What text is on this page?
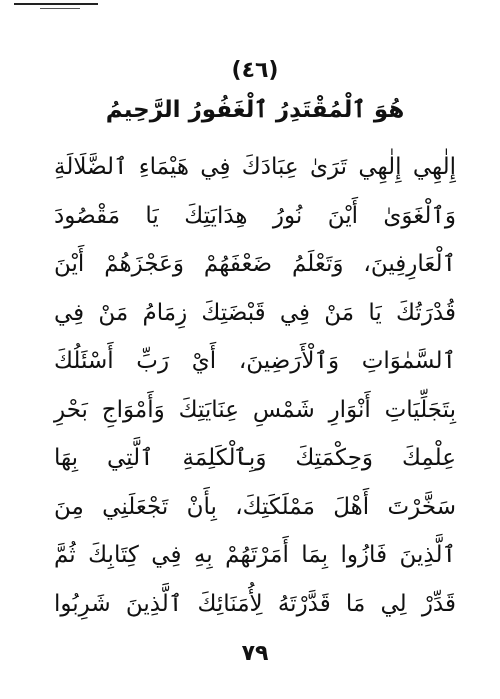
(٤٦)
هُوَ ٱلْمُقْتَدِرُ ٱلْغَفُورُ الرَّحِيمُ
إِلٰهِي إِلٰهِي تَرَىٰ عِبَادَكَ فِي هَيْمَاءِ ٱلضَّلَالَةِ
وَٱلْغَوَىٰ أَيْنَ نُورُ هِدَايَتِكَ يَا مَقْصُودَ
ٱلْعَارِفِينَ، وَتَعْلَمُ ضَعْفَهُمْ وَعَجْزَهُمْ أَيْنَ
قُدْرَتُكَ يَا مَنْ فِي قَبْضَتِكَ زِمَامُ مَنْ فِي
ٱلسَّمٰوَاتِ وَٱلْأَرَضِينَ، أَيْ رَبِّ أَسْئَلُكَ
بِتَجَلِّيَاتِ أَنْوَارِ شَمْسِ عِنَايَتِكَ وَأَمْوَاجِ بَحْرِ
عِلْمِكَ وَحِكْمَتِكَ وَبِٱلْكَلِمَةِ ٱلَّتِي بِهَا
سَخَّرْتَ أَهْلَ مَمْلَكَتِكَ، بِأَنْ تَجْعَلَنِي مِنَ
ٱلَّذِينَ فَازُوا بِمَا أَمَرْتَهُمْ بِهِ فِي كِتَابِكَ ثُمَّ
قَدِّرْ لِي مَا قَدَّرْتَهُ لِأُمَنَائِكَ ٱلَّذِينَ شَرِبُوا
٧٩
